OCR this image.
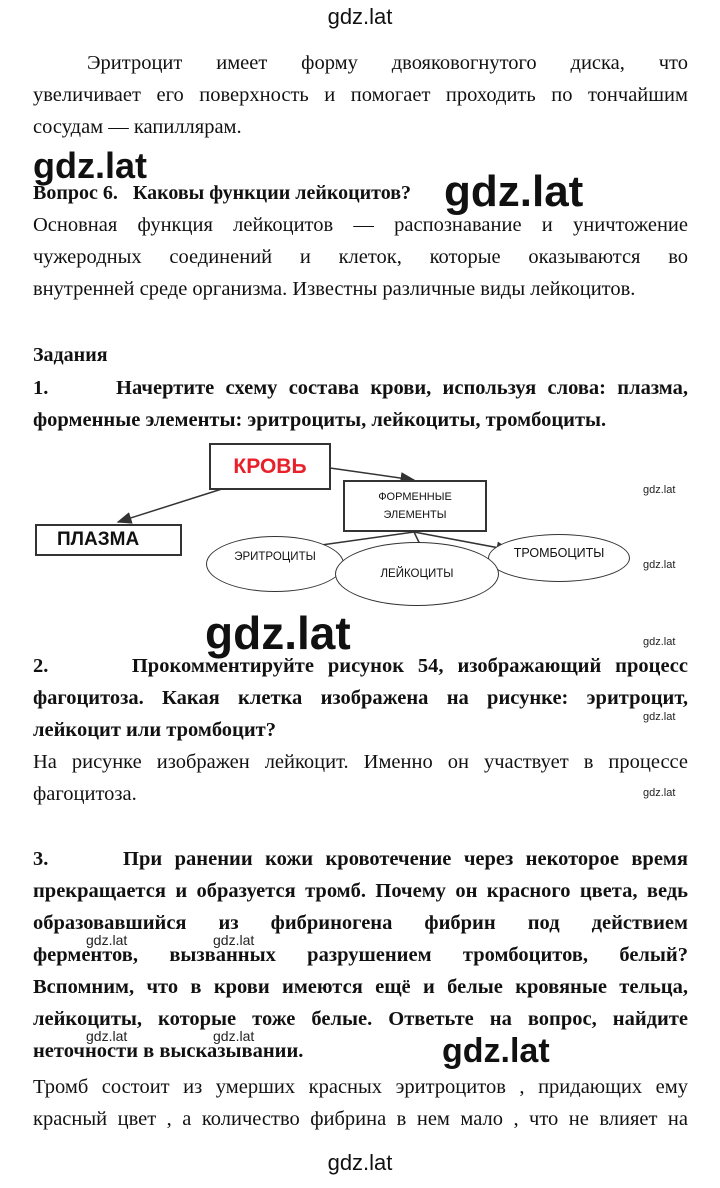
gdz.lat
Эритроцит имеет форму двояковогнутого диска, что
увеличивает его поверхность и помогает проходить по тончайшим
сосудам — капиллярам.
gdz.lat
Вопрос 6.   Каковы функции лейкоцитов? gdz.lat
Основная функция лейкоцитов — распознавание и уничтожение
чужеродных соединений и клеток, которые оказываются во
внутренней среде организма. Известны различные виды лейкоцитов.
Задания
1.      Начертите схему состава крови, используя слова: плазма,
форменные элементы: эритроциты, лейкоциты, тромбоциты.
КРОВЬ
ПЛАЗМА
ФОРМЕННЫЕ
ЭЛЕМЕНТЫ
ЭРИТРОЦИТЫ	ТРОМБОЦИТЫ
ЛЕЙКОЦИТЫ
gdz.lat
gdz.lat
gdz.lat
gdz.lat
gdz.lat
gdz.lat
2.      Прокомментируйте рисунок 54, изображающий процесс
фагоцитоза. Какая клетка изображена на рисунке: эритроцит,
лейкоцит или тромбоцит?
На рисунке изображен лейкоцит. Именно он участвует в процессе
фагоцитоза.
3.      При ранении кожи кровотечение через некоторое время
прекращается и образуется тромб. Почему он красного цвета, ведь
образовавшийся из фибриногена фибрин под действием
ферментов, вызванных разрушением тромбоцитов, белый?
Вспомним, что в крови имеются ещё и белые кровяные тельца,
лейкоциты, которые тоже белые. Ответьте на вопрос, найдите
неточности в высказывании.
gdz.lat	gdz.lat
gdz.lat	gdz.lat	gdz.lat
Тромб состоит из умерших красных эритроцитов , придающих ему
красный цвет , а количество фибрина в нем мало , что не влияет на
gdz.lat
